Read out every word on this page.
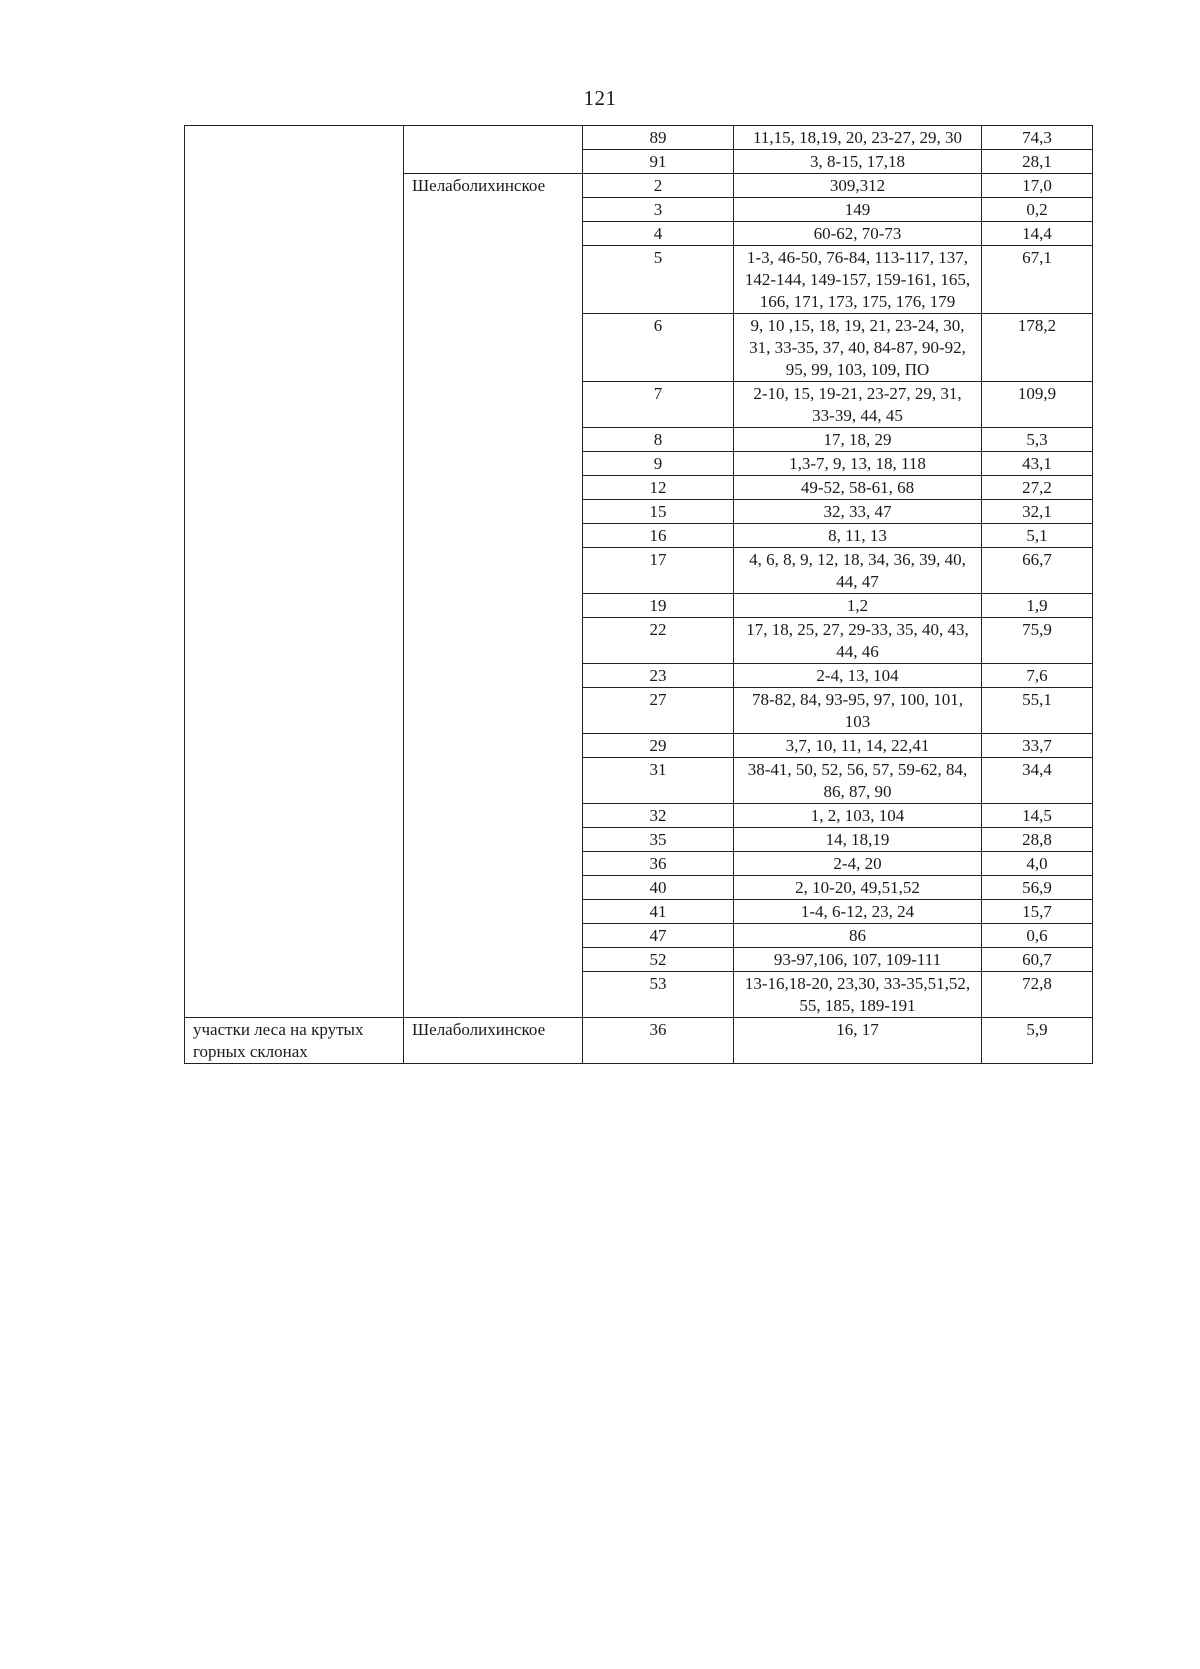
121
		89	11,15, 18,19, 20, 23-27, 29, 30	74,3
		91	3, 8-15, 17,18	28,1
	Шелаболихинское	2	309,312	17,0
		3	149	0,2
		4	60-62, 70-73	14,4
		5	1-3, 46-50, 76-84, 113-117, 137, 142-144, 149-157, 159-161, 165, 166, 171, 173, 175, 176, 179	67,1
		6	9, 10 ,15, 18, 19, 21, 23-24, 30, 31, 33-35, 37, 40, 84-87, 90-92, 95, 99, 103, 109, ПО	178,2
		7	2-10, 15, 19-21, 23-27, 29, 31, 33-39, 44, 45	109,9
		8	17, 18, 29	5,3
		9	1,3-7, 9, 13, 18, 118	43,1
		12	49-52, 58-61, 68	27,2
		15	32, 33, 47	32,1
		16	8, 11, 13	5,1
		17	4, 6, 8, 9, 12, 18, 34, 36, 39, 40, 44, 47	66,7
		19	1,2	1,9
		22	17, 18, 25, 27, 29-33, 35, 40, 43, 44, 46	75,9
		23	2-4, 13, 104	7,6
		27	78-82, 84, 93-95, 97, 100, 101, 103	55,1
		29	3,7, 10, 11, 14, 22,41	33,7
		31	38-41, 50, 52, 56, 57, 59-62, 84, 86, 87, 90	34,4
		32	1, 2, 103, 104	14,5
		35	14, 18,19	28,8
		36	2-4, 20	4,0
		40	2, 10-20, 49,51,52	56,9
		41	1-4, 6-12, 23, 24	15,7
		47	86	0,6
		52	93-97,106, 107, 109-111	60,7
		53	13-16,18-20, 23,30, 33-35,51,52, 55, 185, 189-191	72,8
участки леса на крутых горных склонах	Шелаболихинское	36	16, 17	5,9
